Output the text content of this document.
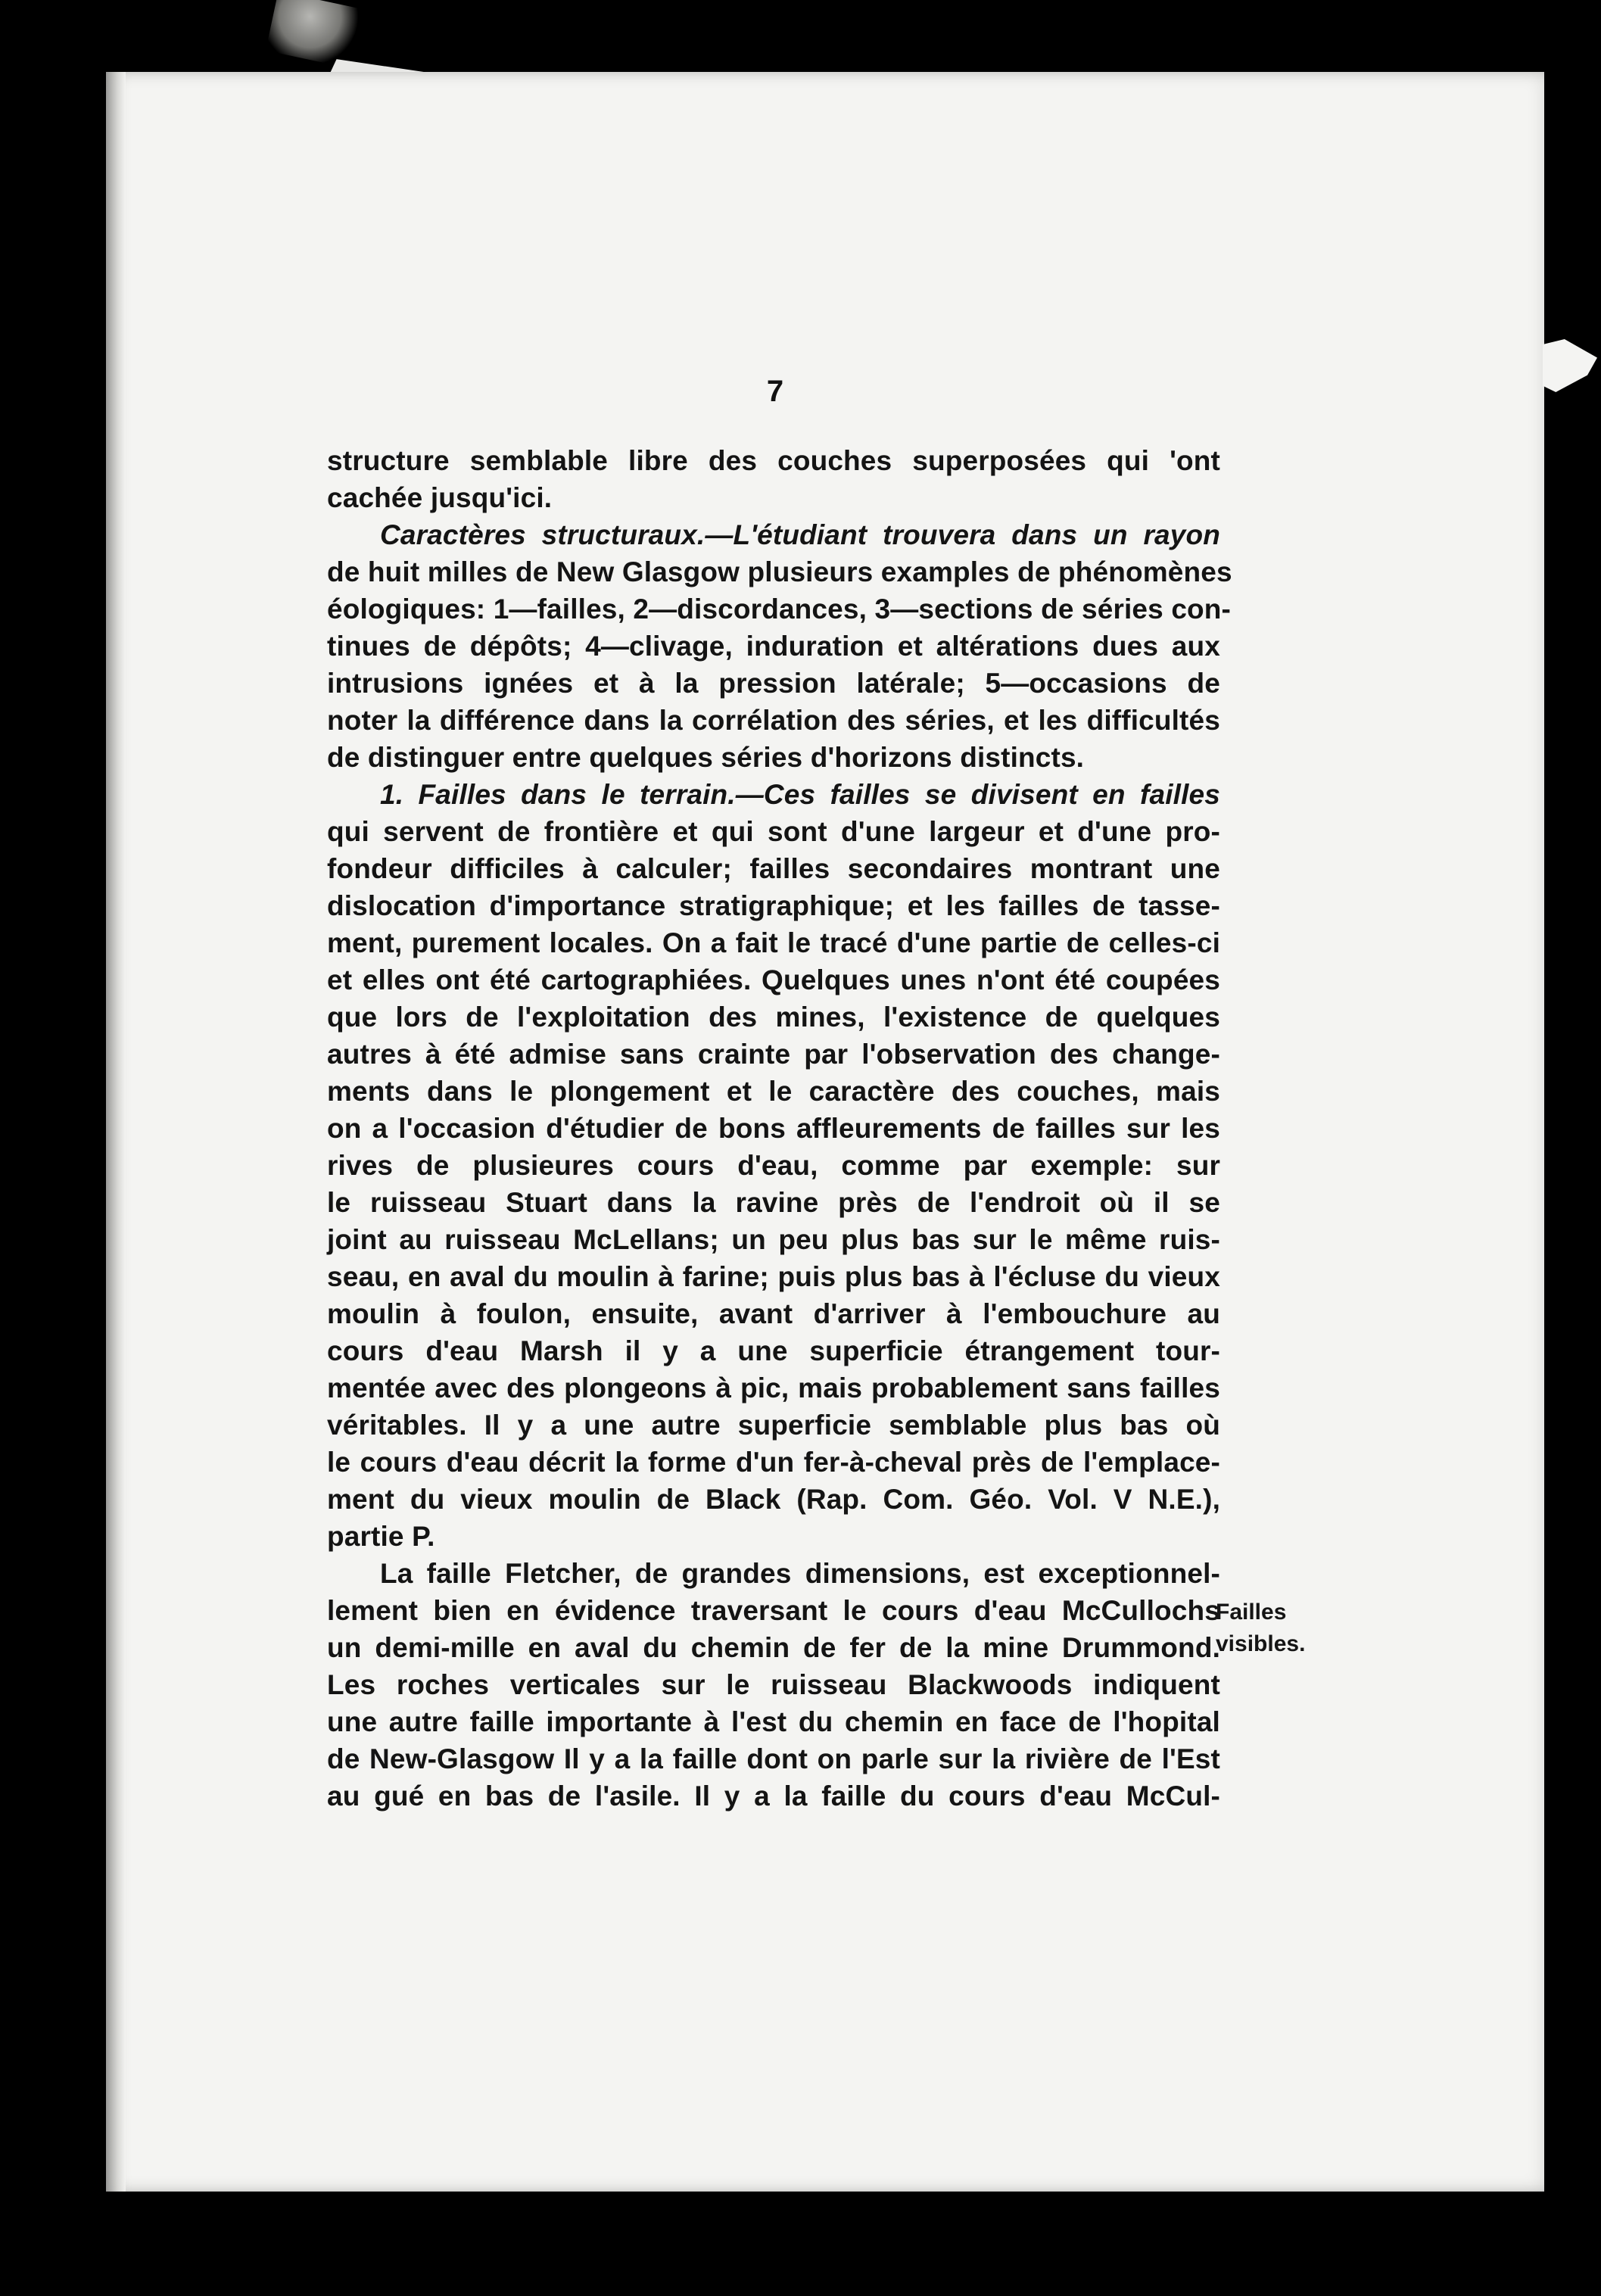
7
structure semblable libre des couches superposées qui 'ont
cachée jusqu'ici.
Caractères structuraux.—L'étudiant trouvera dans un rayon
de huit milles de New Glasgow plusieurs examples de phénomènes
éologiques: 1—failles, 2—discordances, 3—sections de séries con-
tinues de dépôts; 4—clivage, induration et altérations dues aux
intrusions ignées et à la pression latérale; 5—occasions de
noter la différence dans la corrélation des séries, et les difficultés
de distinguer entre quelques séries d'horizons distincts.
1. Failles dans le terrain.—Ces failles se divisent en failles
qui servent de frontière et qui sont d'une largeur et d'une pro-
fondeur difficiles à calculer; failles secondaires montrant une
dislocation d'importance stratigraphique; et les failles de tasse-
ment, purement locales. On a fait le tracé d'une partie de celles-ci
et elles ont été cartographiées. Quelques unes n'ont été coupées
que lors de l'exploitation des mines, l'existence de quelques
autres à été admise sans crainte par l'observation des change-
ments dans le plongement et le caractère des couches, mais
on a l'occasion d'étudier de bons affleurements de failles sur les
rives de plusieures cours d'eau, comme par exemple: sur
le ruisseau Stuart dans la ravine près de l'endroit où il se
joint au ruisseau McLellans; un peu plus bas sur le même ruis-
seau, en aval du moulin à farine; puis plus bas à l'écluse du vieux
moulin à foulon, ensuite, avant d'arriver à l'embouchure au
cours d'eau Marsh il y a une superficie étrangement tour-
mentée avec des plongeons à pic, mais probablement sans failles
véritables. Il y a une autre superficie semblable plus bas où
le cours d'eau décrit la forme d'un fer-à-cheval près de l'emplace-
ment du vieux moulin de Black (Rap. Com. Géo. Vol. V N.E.),
partie P.
La faille Fletcher, de grandes dimensions, est exceptionnel-
lement bien en évidence traversant le cours d'eau McCullochs
un demi-mille en aval du chemin de fer de la mine Drummond.
Les roches verticales sur le ruisseau Blackwoods indiquent
une autre faille importante à l'est du chemin en face de l'hopital
de New-Glasgow Il y a la faille dont on parle sur la rivière de l'Est
au gué en bas de l'asile. Il y a la faille du cours d'eau McCul-
Failles
visibles.
